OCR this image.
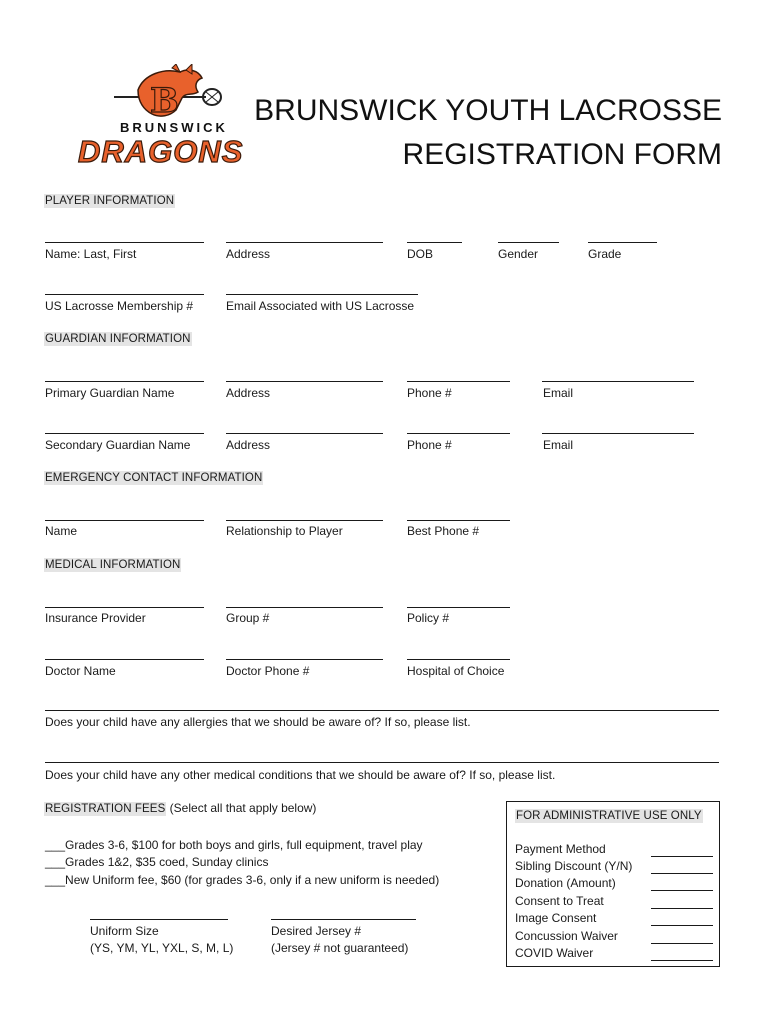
B
BRUNSWICK
DRAGONS
BRUNSWICK YOUTH LACROSSE
REGISTRATION FORM
PLAYER INFORMATION
Name: Last, First	Address	DOB	Gender	Grade
US Lacrosse Membership #	Email Associated with US Lacrosse
GUARDIAN INFORMATION
Primary Guardian Name	Address	Phone #	Email
Secondary Guardian Name	Address	Phone #	Email
EMERGENCY CONTACT INFORMATION
Name	Relationship to Player	Best Phone #
MEDICAL INFORMATION
Insurance Provider	Group #	Policy #
Doctor Name	Doctor Phone #	Hospital of Choice
Does your child have any allergies that we should be aware of? If so, please list.
Does your child have any other medical conditions that we should be aware of? If so, please list.
REGISTRATION FEES (Select all that apply below)
___Grades 3-6, $100 for both boys and girls, full equipment, travel play
___Grades 1&2, $35 coed, Sunday clinics
___New Uniform fee, $60 (for grades 3-6, only if a new uniform is needed)
Uniform Size
(YS, YM, YL, YXL, S, M, L)
Desired Jersey #
(Jersey # not guaranteed)
FOR ADMINISTRATIVE USE ONLY
Payment Method
Sibling Discount (Y/N)
Donation (Amount)
Consent to Treat
Image Consent
Concussion Waiver
COVID Waiver
